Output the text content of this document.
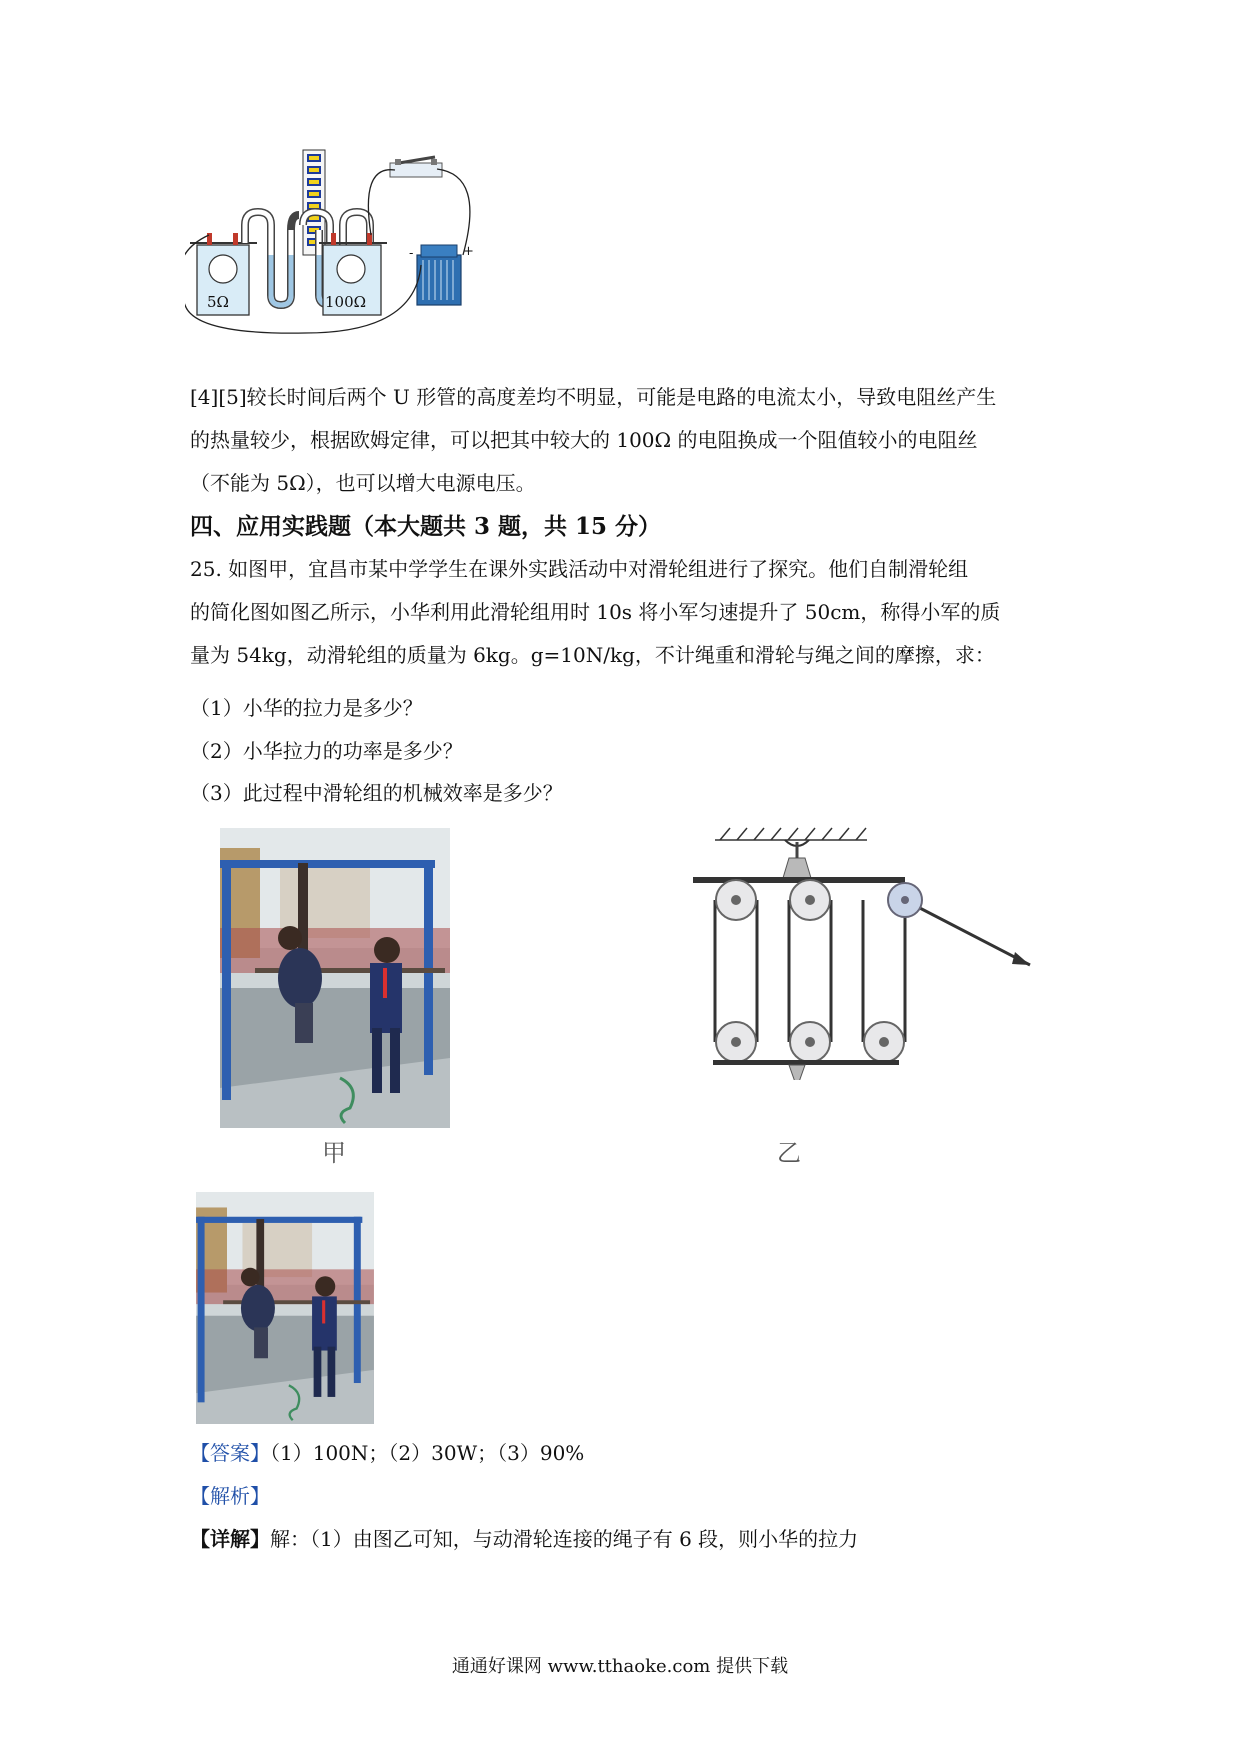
5Ω	100Ω
-	+
[4][5]较长时间后两个 U 形管的高度差均不明显，可能是电路的电流太小，导致电阻丝产生
的热量较少，根据欧姆定律，可以把其中较大的 100Ω 的电阻换成一个阻值较小的电阻丝
（不能为 5Ω），也可以增大电源电压。
四、应用实践题（本大题共 3 题，共 15 分）
25. 如图甲，宜昌市某中学学生在课外实践活动中对滑轮组进行了探究。他们自制滑轮组
的简化图如图乙所示，小华利用此滑轮组用时 10s 将小军匀速提升了 50cm，称得小军的质
量为 54kg，动滑轮组的质量为 6kg。g=10N/kg，不计绳重和滑轮与绳之间的摩擦，求：
（1）小华的拉力是多少？
（2）小华拉力的功率是多少？
（3）此过程中滑轮组的机械效率是多少？
甲	乙
【答案】（1）100N；（2）30W；（3）90%
【解析】
【详解】解：（1）由图乙可知，与动滑轮连接的绳子有 6 段，则小华的拉力
通通好课网 www.tthaoke.com 提供下载
